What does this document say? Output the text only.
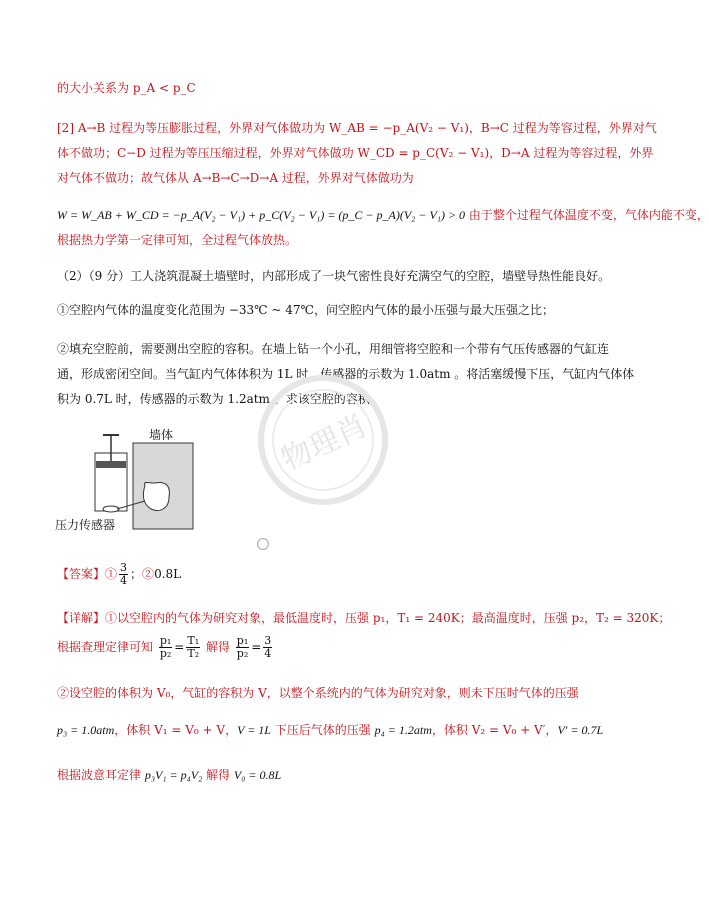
的大小关系为 p_A < p_C
[2] A→B 过程为等压膨胀过程，外界对气体做功为 W_AB = −p_A(V₂ − V₁)，B→C 过程为等容过程，外界对气
体不做功；C−D 过程为等压压缩过程，外界对气体做功 W_CD = p_C(V₂ − V₁)，D→A 过程为等容过程，外界
对气体不做功；故气体从 A→B→C→D→A 过程，外界对气体做功为
W = W_AB + W_CD = −p_A(V₂ − V₁) + p_C(V₂ − V₁) = (p_C − p_A)(V₂ − V₁) > 0 由于整个过程气体温度不变，气体内能不变，
根据热力学第一定律可知，全过程气体放热。
（2）（9 分）工人浇筑混凝土墙壁时，内部形成了一块气密性良好充满空气的空腔，墙壁导热性能良好。
①空腔内气体的温度变化范围为 −33℃ ~ 47℃，问空腔内气体的最小压强与最大压强之比；
②填充空腔前，需要测出空腔的容积。在墙上钻一个小孔，用细管将空腔和一个带有气压传感器的气缸连
通，形成密闭空间。当气缸内气体体积为 1L 时，传感器的示数为 1.0atm 。将活塞缓慢下压，气缸内气体体
积为 0.7L 时，传感器的示数为 1.2atm 。求该空腔的容积。
墙体
压力传感器
物理肖
【答案】① $\frac{3}{4}$ ；②0.8L
【详解】①以空腔内的气体为研究对象，最低温度时，压强 p₁，T₁ = 240K；最高温度时，压强 p₂，T₂ = 320K；
根据查理定律可知 $\frac{\text{p₁}}{\text{p₂}} = \frac{\text{T₁}}{\text{T₂}}$ 解得 $\frac{\text{p₁}}{\text{p₂}} = \frac{3}{4}$
②设空腔的体积为 V₀，气缸的容积为 V，以整个系统内的气体为研究对象，则未下压时气体的压强
p₃ = 1.0atm，体积 V₁ = V₀ + V，V = 1L 下压后气体的压强 p₄ = 1.2atm，体积 V₂ = V₀ + V′，V′ = 0.7L
根据波意耳定律 p₃V₁ = p₄V₂ 解得 V₀ = 0.8L
